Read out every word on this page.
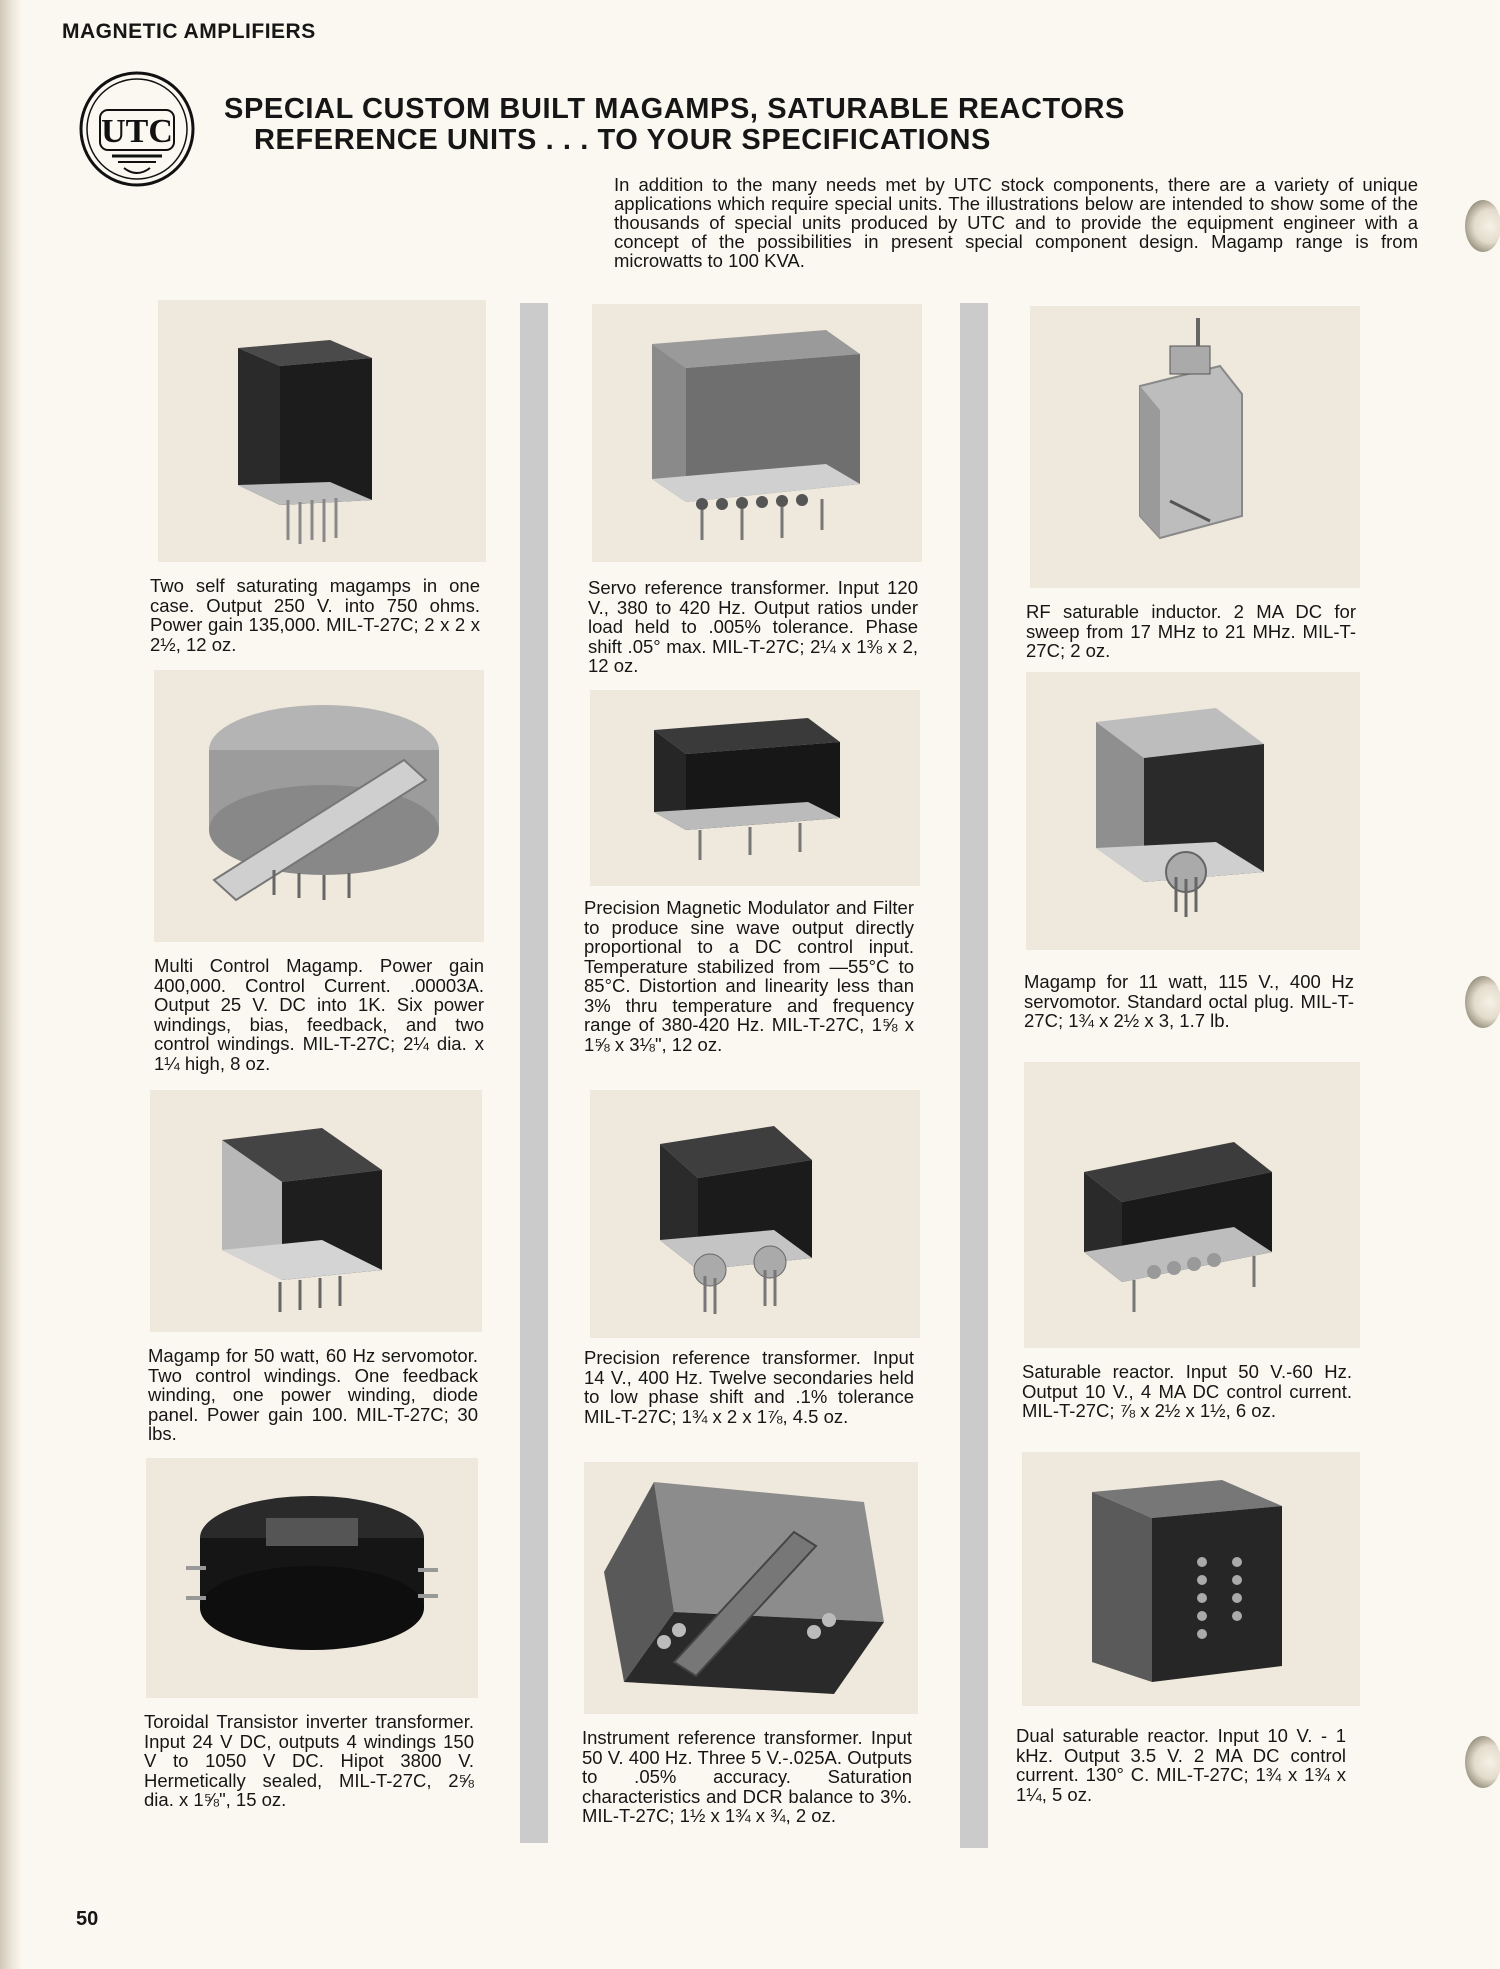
MAGNETIC AMPLIFIERS
UTC
SPECIAL CUSTOM BUILT MAGAMPS, SATURABLE REACTORS
REFERENCE UNITS . . . TO YOUR SPECIFICATIONS
In addition to the many needs met by UTC stock components, there are a variety of unique applications which require special units. The illustrations below are intended to show some of the thousands of special units produced by UTC and to provide the equipment engineer with a concept of the possibilities in present special component design. Magamp range is from microwatts to 100 KVA.
Two self saturating magamps in one case. Output 250 V. into 750 ohms. Power gain 135,000. MIL-T-27C; 2 x 2 x 2½, 12 oz.
Servo reference transformer. Input 120 V., 380 to 420 Hz. Output ratios under load held to .005% tolerance. Phase shift .05° max. MIL-T-27C; 2¼ x 1⅜ x 2, 12 oz.
RF saturable inductor. 2 MA DC for sweep from 17 MHz to 21 MHz. MIL-T-27C; 2 oz.
Multi Control Magamp. Power gain 400,000. Control Current. .00003A. Output 25 V. DC into 1K. Six power windings, bias, feedback, and two control windings. MIL-T-27C; 2¼ dia. x 1¼ high, 8 oz.
Precision Magnetic Modulator and Filter to produce sine wave output directly proportional to a DC control input. Temperature stabilized from —55°C to 85°C. Distortion and linearity less than 3% thru temperature and frequency range of 380-420 Hz. MIL-T-27C, 1⅝ x 1⅝ x 3⅛", 12 oz.
Magamp for 11 watt, 115 V., 400 Hz servomotor. Standard octal plug. MIL-T-27C; 1¾ x 2½ x 3, 1.7 lb.
Magamp for 50 watt, 60 Hz servomotor. Two control windings. One feedback winding, one power winding, diode panel. Power gain 100. MIL-T-27C; 30 lbs.
Precision reference transformer. Input 14 V., 400 Hz. Twelve secondaries held to low phase shift and .1% tolerance MIL-T-27C; 1¾ x 2 x 1⅞, 4.5 oz.
Saturable reactor. Input 50 V.-60 Hz. Output 10 V., 4 MA DC control current. MIL-T-27C; ⅞ x 2½ x 1½, 6 oz.
Toroidal Transistor inverter transformer. Input 24 V DC, outputs 4 windings 150 V to 1050 V DC. Hipot 3800 V. Hermetically sealed, MIL-T-27C, 2⅝ dia. x 1⅝", 15 oz.
Instrument reference transformer. Input 50 V. 400 Hz. Three 5 V.-.025A. Outputs to .05% accuracy. Saturation characteristics and DCR balance to 3%. MIL-T-27C; 1½ x 1¾ x ¾, 2 oz.
Dual saturable reactor. Input 10 V. - 1 kHz. Output 3.5 V. 2 MA DC control current. 130° C. MIL-T-27C; 1¾ x 1¾ x 1¼, 5 oz.
50
